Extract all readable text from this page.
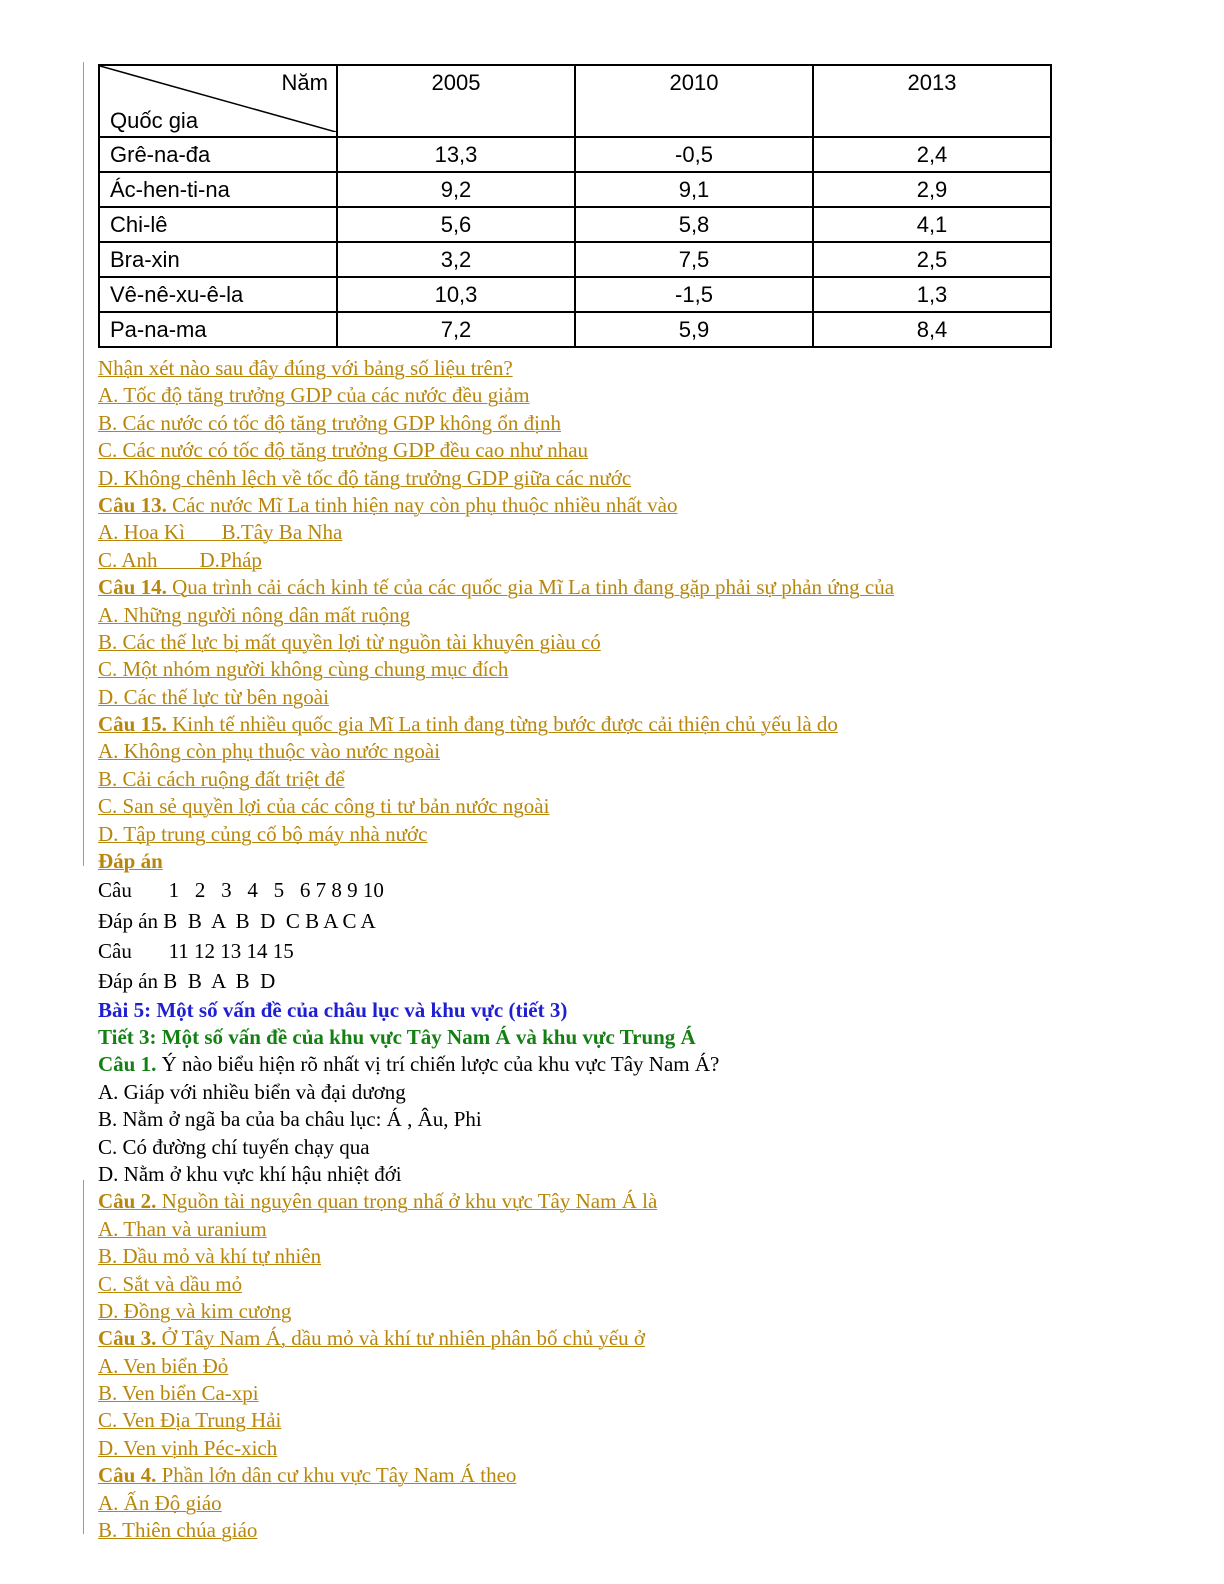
Năm
Quốc gia	2005	2010	2013
Grê-na-đa	13,3	-0,5	2,4
Ác-hen-ti-na	9,2	9,1	2,9
Chi-lê	5,6	5,8	4,1
Bra-xin	3,2	7,5	2,5
Vê-nê-xu-ê-la	10,3	-1,5	1,3
Pa-na-ma	7,2	5,9	8,4
Nhận xét nào sau đây đúng với bảng số liệu trên?
A. Tốc độ tăng trưởng GDP của các nước đều giảm
B. Các nước có tốc độ tăng trưởng GDP không ổn định
C. Các nước có tốc độ tăng trưởng GDP đều cao như nhau
D. Không chênh lệch về tốc độ tăng trưởng GDP giữa các nước
Câu 13. Các nước Mĩ La tinh hiện nay còn phụ thuộc nhiều nhất vào
A. Hoa Kì       B.Tây Ba Nha
C. Anh        D.Pháp
Câu 14. Qua trình cải cách kinh tế của các quốc gia Mĩ La tinh đang gặp phải sự phản ứng của
A. Những người nông dân mất ruộng
B. Các thế lực bị mất quyền lợi từ nguồn tài khuyên giàu có
C. Một nhóm người không cùng chung mục đích
D. Các thế lực từ bên ngoài
Câu 15. Kinh tế nhiều quốc gia Mĩ La tinh đang từng bước được cải thiện chủ yếu là do
A. Không còn phụ thuộc vào nước ngoài
B. Cải cách ruộng đất triệt để
C. San sẻ quyền lợi của các công ti tư bản nước ngoài
D. Tập trung củng cố bộ máy nhà nước
Đáp án
Câu       1   2   3   4   5   6 7 8 9 10
Đáp án B  B  A  B  D  C B A C A
Câu       11 12 13 14 15
Đáp án B  B  A  B  D
Bài 5: Một số vấn đề của châu lục và khu vực (tiết 3)
Tiết 3: Một số vấn đề của khu vực Tây Nam Á và khu vực Trung Á
Câu 1. Ý nào biểu hiện rõ nhất vị trí chiến lược của khu vực Tây Nam Á?
A. Giáp với nhiều biển và đại dương
B. Nằm ở ngã ba của ba châu lục: Á , Âu, Phi
C. Có đường chí tuyến chạy qua
D. Nằm ở khu vực khí hậu nhiệt đới
Câu 2. Nguồn tài nguyên quan trọng nhấ ở khu vực Tây Nam Á là
A. Than và uranium
B. Dầu mỏ và khí tự nhiên
C. Sắt và dầu mỏ
D. Đồng và kim cương
Câu 3. Ở Tây Nam Á, dầu mỏ và khí tư nhiên phân bố chủ yếu ở
A. Ven biển Đỏ
B. Ven biển Ca-xpi
C. Ven Địa Trung Hải
D. Ven vịnh Péc-xich
Câu 4. Phần lớn dân cư khu vực Tây Nam Á theo
A. Ấn Độ giáo
B. Thiên chúa giáo
